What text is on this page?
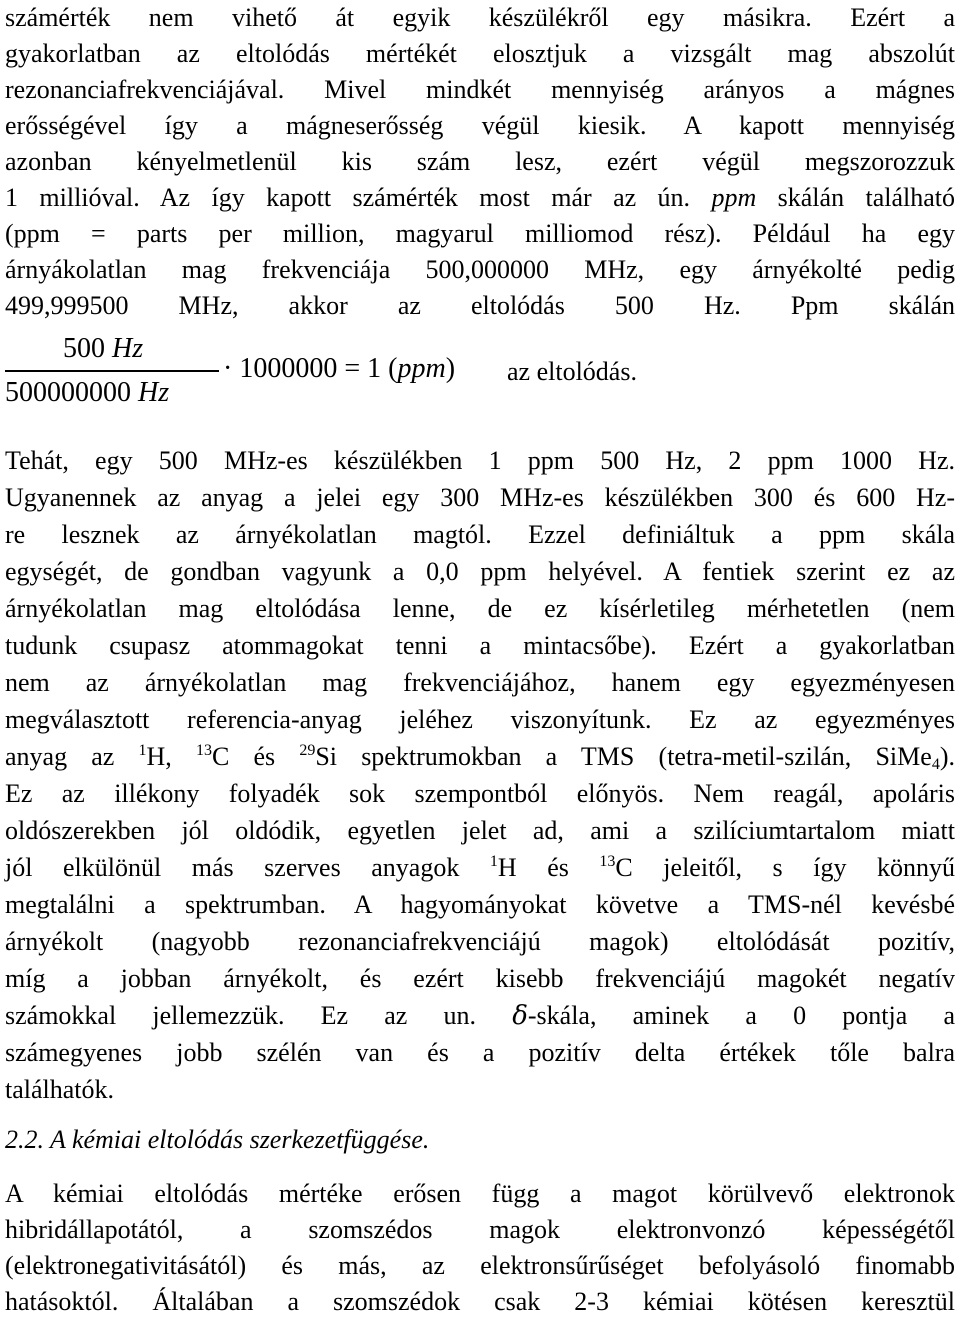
számérték nem vihető át egyik készülékről egy másikra. Ezért a
gyakorlatban az eltolódás mértékét elosztjuk a vizsgált mag abszolút
rezonanciafrekvenciájával. Mivel mindkét mennyiség arányos a mágnes
erősségével így a mágneserősség végül kiesik. A kapott mennyiség
azonban kényelmetlenül kis szám lesz, ezért végül megszorozzuk
1 millióval. Az így kapott számérték most már az ún. ppm skálán található
(ppm = parts per million, magyarul milliomod rész). Például ha egy
árnyákolatlan mag frekvenciája 500,000000 MHz, egy árnyékolté pedig
499,999500 MHz, akkor az eltolódás 500 Hz. Ppm skálán
500 Hz
500000000 Hz
· 1000000 = 1 (ppm) az eltolódás.
Tehát, egy 500 MHz-es készülékben 1 ppm 500 Hz, 2 ppm 1000 Hz.
Ugyanennek az anyag a jelei egy 300 MHz-es készülékben 300 és 600 Hz-
re lesznek az árnyékolatlan magtól. Ezzel definiáltuk a ppm skála
egységét, de gondban vagyunk a 0,0 ppm helyével. A fentiek szerint ez az
árnyékolatlan mag eltolódása lenne, de ez kísérletileg mérhetetlen (nem
tudunk csupasz atommagokat tenni a mintacsőbe). Ezért a gyakorlatban
nem az árnyékolatlan mag frekvenciájához, hanem egy egyezményesen
megválasztott referencia-anyag jeléhez viszonyítunk. Ez az egyezményes
anyag az $^1$H, $^{13}$C és $^{29}$Si spektrumokban a TMS (tetra-metil-szilán, SiMe$_4$).
Ez az illékony folyadék sok szempontból előnyös. Nem reagál, apoláris
oldószerekben jól oldódik, egyetlen jelet ad, ami a szilíciumtartalom miatt
jól elkülönül más szerves anyagok $^1$H és $^{13}$C jeleitől, s így könnyű
megtalálni a spektrumban. A hagyományokat követve a TMS-nél kevésbé
árnyékolt (nagyobb rezonanciafrekvenciájú magok) eltolódását pozitív,
míg a jobban árnyékolt, és ezért kisebb frekvenciájú magokét negatív
számokkal jellemezzük. Ez az un. δ-skála, aminek a 0 pontja a
számegyenes jobb szélén van és a pozitív delta értékek tőle balra
találhatók.
2.2. A kémiai eltolódás szerkezetfüggése.
A kémiai eltolódás mértéke erősen függ a magot körülvevő elektronok
hibridállapotától, a szomszédos magok elektronvonzó képességétől
(elektronegativitásától) és más, az elektronsűrűséget befolyásoló finomabb
hatásoktól. Általában a szomszédok csak 2-3 kémiai kötésen keresztül
